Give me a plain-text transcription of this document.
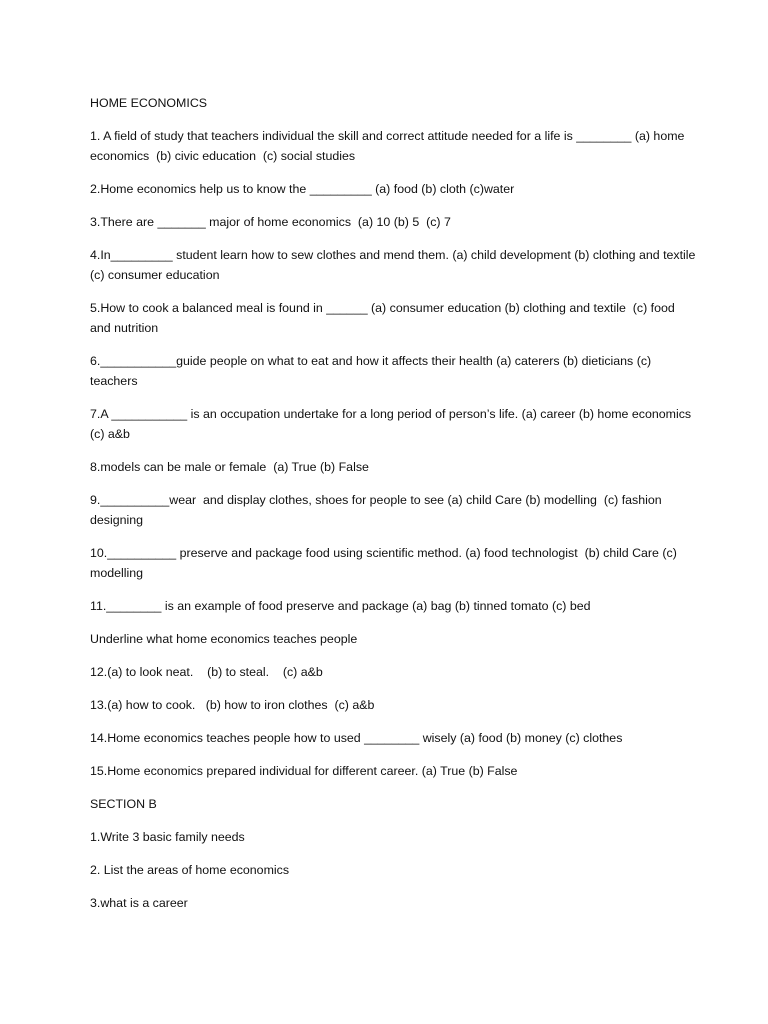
HOME ECONOMICS

1. A field of study that teachers individual the skill and correct attitude needed for a life is ________ (a) home economics  (b) civic education  (c) social studies

2.Home economics help us to know the _________ (a) food (b) cloth (c)water

3.There are _______ major of home economics  (a) 10 (b) 5  (c) 7

4.In_________ student learn how to sew clothes and mend them. (a) child development (b) clothing and textile (c) consumer education

5.How to cook a balanced meal is found in ______ (a) consumer education (b) clothing and textile  (c) food and nutrition

6.___________guide people on what to eat and how it affects their health (a) caterers (b) dieticians (c) teachers

7.A ___________ is an occupation undertake for a long period of person’s life. (a) career (b) home economics (c) a&b

8.models can be male or female  (a) True (b) False

9.__________wear  and display clothes, shoes for people to see (a) child Care (b) modelling  (c) fashion designing

10.__________ preserve and package food using scientific method. (a) food technologist  (b) child Care (c) modelling

11.________ is an example of food preserve and package (a) bag (b) tinned tomato (c) bed

Underline what home economics teaches people

12.(a) to look neat.    (b) to steal.    (c) a&b

13.(a) how to cook.   (b) how to iron clothes  (c) a&b

14.Home economics teaches people how to used ________ wisely (a) food (b) money (c) clothes

15.Home economics prepared individual for different career. (a) True (b) False

SECTION B

1.Write 3 basic family needs

2. List the areas of home economics

3.what is a career
